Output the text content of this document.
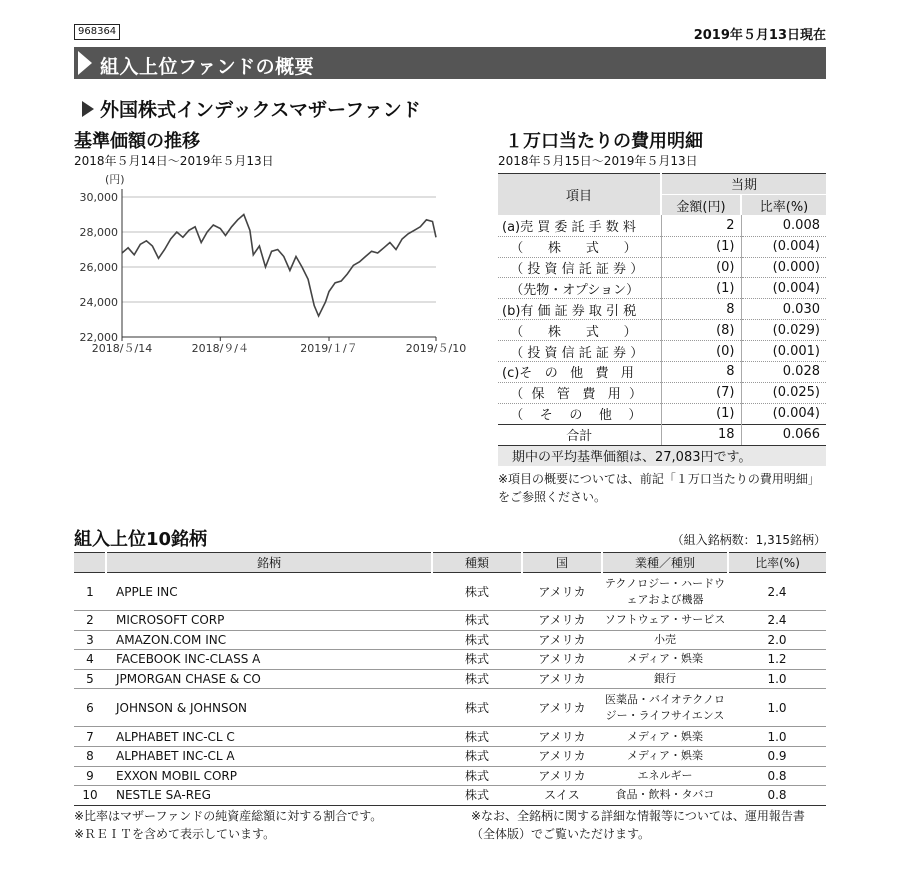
968364	2019年５月13日現在
組入上位ファンドの概要
外国株式インデックスマザーファンド
基準価額の推移
2018年５月14日～2019年５月13日
(円)
30,000
28,000
26,000
24,000
22,000
2018/５/14	2018/９/４	2019/１/７	2019/５/10
１万口当たりの費用明細
2018年５月15日～2019年５月13日
項目	当期	
	金額(円)	比率(%)
(a)売 買 委 託 手 数 料	2	0.008
（      株      式      ）	(1)	(0.004)
（ 投 資 信 託 証 券 ）	(0)	(0.000)
（先物・オプション）	(1)	(0.004)
(b)有 価 証 券 取 引 税	8	0.030
（      株      式      ）	(8)	(0.029)
（ 投 資 信 託 証 券 ）	(0)	(0.001)
(c)そ   の   他   費   用	8	0.028
（  保   管   費   用  ）	(7)	(0.025)
（    そ    の    他    ）	(1)	(0.004)
合計	18	0.066
期中の平均基準価額は、27,083円です。		
※項目の概要については、前記「１万口当たりの費用明細」をご参照ください。
組入上位10銘柄	（組入銘柄数：1,315銘柄）
	銘柄	種類	国	業種／種別	比率(%)
1	APPLE INC	株式	アメリカ	テクノロジー・ハードウェアおよび機器	2.4
2	MICROSOFT CORP	株式	アメリカ	ソフトウェア・サービス	2.4
3	AMAZON.COM INC	株式	アメリカ	小売	2.0
4	FACEBOOK INC-CLASS A	株式	アメリカ	メディア・娯楽	1.2
5	JPMORGAN CHASE & CO	株式	アメリカ	銀行	1.0
6	JOHNSON & JOHNSON	株式	アメリカ	医薬品・バイオテクノロジー・ライフサイエンス	1.0
7	ALPHABET INC-CL C	株式	アメリカ	メディア・娯楽	1.0
8	ALPHABET INC-CL A	株式	アメリカ	メディア・娯楽	0.9
9	EXXON MOBIL CORP	株式	アメリカ	エネルギー	0.8
10	NESTLE SA-REG	株式	スイス	食品・飲料・タバコ	0.8
※比率はマザーファンドの純資産総額に対する割合です。
※ＲＥＩＴを含めて表示しています。
※なお、全銘柄に関する詳細な情報等については、運用報告書（全体版）でご覧いただけます。
